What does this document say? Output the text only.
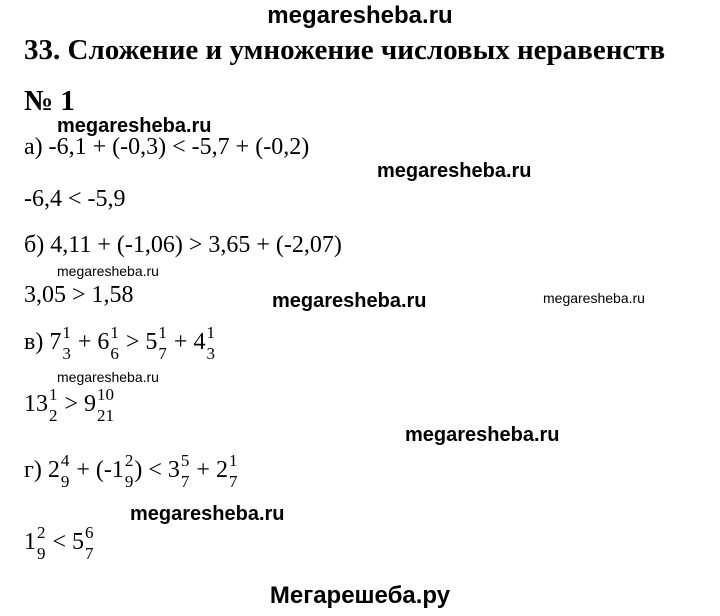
megaresheba.ru
33. Сложение и умножение числовых неравенств
№ 1
megaresheba.ru
а) -6,1 + (-0,3) < -5,7 + (-0,2)
megaresheba.ru
-6,4 < -5,9
б) 4,11 + (-1,06) > 3,65 + (-2,07)
megaresheba.ru
3,05 > 1,58	megaresheba.ru	megaresheba.ru
в) 7 1
3 + 6 1
6 > 5 1
7 + 4 1
3
megaresheba.ru
13 1
2 > 9 10
21
megaresheba.ru
г) 2 4
9 + (-1 2
9 ) < 3 5
7 + 2 1
7
megaresheba.ru
1 2
9 < 5 6
7
Мегарешеба.ру
